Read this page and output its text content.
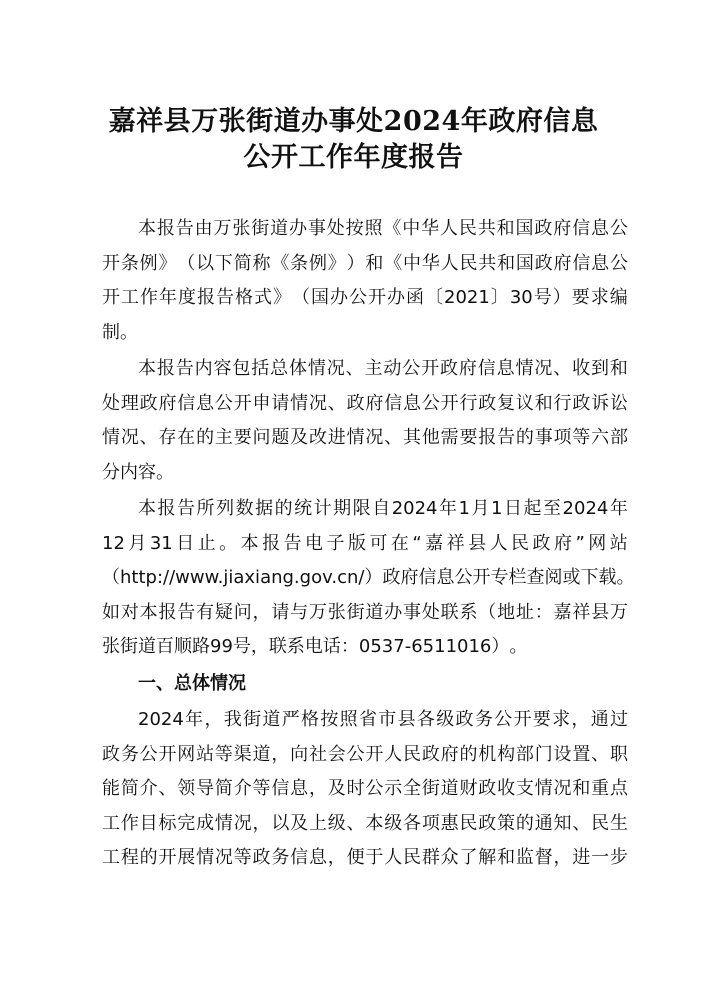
嘉祥县万张街道办事处2024年政府信息
公开工作年度报告
本 报 告 由 万 张 街 道 办 事 处 按 照 《 中 华 人 民 共 和 国 政 府 信 息 公
开 条 例 》 （ 以 下 简 称 《 条 例 》 ） 和 《 中 华 人 民 共 和 国 政 府 信 息 公
开 工 作 年 度 报 告 格 式 》 （ 国 办 公 开 办 函 〔 2021 〕 30 号 ） 要 求 编
制 。
本 报 告 内 容 包 括 总 体 情 况 、 主 动 公 开 政 府 信 息 情 况 、 收 到 和
处 理 政 府 信 息 公 开 申 请 情 况 、 政 府 信 息 公 开 行 政 复 议 和 行 政 诉 讼
情 况 、 存 在 的 主 要 问 题 及 改 进 情 况 、 其 他 需 要 报 告 的 事 项 等 六 部
分 内 容 。
本 报 告 所 列 数 据 的 统 计 期 限 自 2024 年 1 月 1 日 起 至 2024 年
12 月 31 日 止 。 本 报 告 电 子 版 可 在 “ 嘉 祥 县 人 民 政 府 ” 网 站
（ http://www.jiaxiang.gov.cn/ ） 政 府 信 息 公 开 专 栏 查 阅 或 下 载 。
如 对 本 报 告 有 疑 问 ， 请 与 万 张 街 道 办 事 处 联 系 （ 地 址 ： 嘉 祥 县 万
张 街 道 百 顺 路 99 号 ， 联 系 电 话 ： 0537-6511016 ） 。
一、总体情况
2024 年 ， 我 街 道 严 格 按 照 省 市 县 各 级 政 务 公 开 要 求 ， 通 过
政 务 公 开 网 站 等 渠 道 ， 向 社 会 公 开 人 民 政 府 的 机 构 部 门 设 置 、 职
能 简 介 、 领 导 简 介 等 信 息 ， 及 时 公 示 全 街 道 财 政 收 支 情 况 和 重 点
工 作 目 标 完 成 情 况 ， 以 及 上 级 、 本 级 各 项 惠 民 政 策 的 通 知 、 民 生
工 程 的 开 展 情 况 等 政 务 信 息 ， 便 于 人 民 群 众 了 解 和 监 督 ， 进 一 步
